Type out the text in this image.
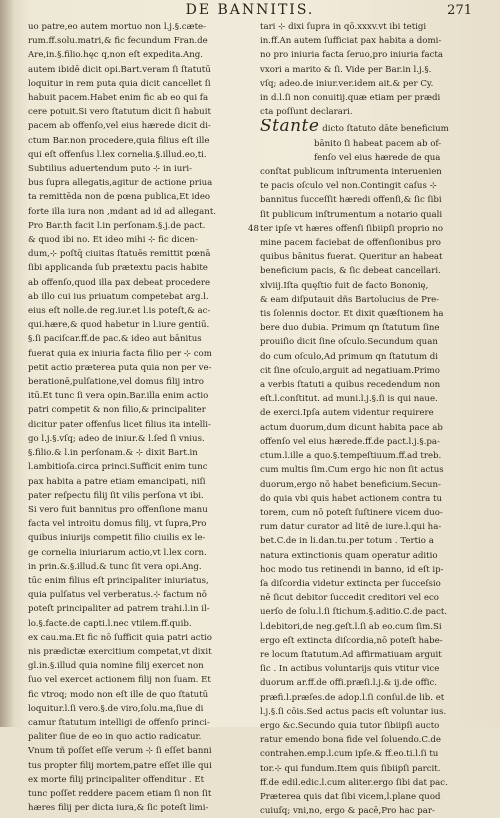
DE BANNITIS.	271
uo patre,eo autem mortuo non l.j.§.cæte-
rum.ff.solu.matri,& fic fecundum Fran.de
Are,in.§.filio.hęc q,non eſt expedita.Ang.
autem ibidē dicit opi.Bart.veram ſi ſtatutū
loquitur in rem puta quia dicit cancellet ſi
habuit pacem.Habet enim fic ab eo qui fa
cere potuit.Si vero ſtatutum dicit ſi habuit
pacem ab offenſo,vel eius hærede dicit di-
ctum Bar.non procedere,quia filius eſt ille
qui eſt offenſus l.lex cornelia.§.illud.eo,ti.
Subtilius aduertendum puto ⊹ in iuri-
bus ſupra allegatis,agitur de actione priua
ta remittēda non de pœna publica,Et ideo
forte illa iura non ,mdant ad id ad allegant.
Pro Bar.th facit l.in perſonam.§.j.de pact.
& quod ibi no. Et ideo mihi ⊹ fic dicen-
dum,⊹ poſtq̄ ciuitas ſtatuēs remittit pœnā
ſibi applicanda ſub prætextu pacis habite
ab offenſo,quod illa pax debeat procedere
ab illo cui ius priuatum competebat arg.l.
eius eſt nolle.de reg.iur.et l.is poteſt,& ac-
qui.hære,& quod habetur in l.iure gentiū.
§.ſi paciſcar.ff.de pac.& ideo aut bānitus
fuerat quia ex iniuria facta filio per ⊹ com
petit actio præterea puta quia non per ve-
berationē,pulſatione,vel domus filij intro
itū.Et tunc ſi vera opin.Bar.illa enim actio
patri competit & non filio,& principaliter
dicitur pater offenſus licet filius ita intelli-
go l.j.§.vſq; adeo de iniur.& l.ſed ſi vnius.
§.filio.& l.in perſonam.& ⊹ dixit Bart.in
l.ambitioſa.circa princi.Sufficit enim tunc
pax habita a patre etiam emancipati, niſi
pater reſpectu filij ſit vilis perſona vt ibi.
Si vero fuit bannitus pro offenſione manu
facta vel introitu domus filij, vt ſupra,Pro
quibus iniurijs competit filio ciuilis ex le-
ge cornelia iniuriarum actio,vt l.lex corn.
in prin.&.§.illud.& tunc ſit vera opi.Ang.
tūc enim filius eſt principaliter iniuriatus,
quia pulſatus vel verberatus.⊹ factum nō
poteſt principaliter ad patrem trahi.l.in il-
lo.§.facte.de capti.l.nec vtilem.ff.quib.
ex cau.ma.Et fic nō ſufficit quia patri actio
nis prædictæ exercitium competat,vt dixit
gl.in.§.illud quia nomine filij exercet non
ſuo vel exercet actionem filij non ſuam. Et
fic vtroq; modo non eſt ille de quo ſtatutū
loquitur.l.ſi vero.§.de viro,ſolu.ma,ſiue di
camur ſtatutum intelligi de offenſo princi-
paliter ſiue de eo in quo actio radicatur.
Vnum tñ poſſet eſſe verum ⊹ ſi eſſet banni
tus propter filij mortem,patre eſſet ille qui
ex morte filij principaliter offenditur . Et
tunc poſſet reddere pacem etiam ſi non ſit
hæres filij per dicta iura,& ſic poteſt limi-
48
tari ⊹ dixi ſupra in qō.xxxv.vt ibi tetigi
in.ff.An autem ſufficiat pax habita a domi-
no pro iniuria facta ſeruo,pro iniuria facta
vxori a marito & ſi. Vide per Bar.in l.j.§.
vſq; adeo.de iniur.ver.idem ait.& per Cy.
in d.l.ſi non conuitij.quæ etiam per prædi
cta poſſunt declarari.
Stante dicto ſtatuto dāte beneficium
bānito ſi habeat pacem ab of-
fenſo vel eius hærede de qua
conſtat publicum inſtrumenta interuenien
te pacis oſculo vel non.Contingit caſus ⊹
bannitus ſucceſſit hæredi offenſi,& ſic ſibi
ſit publicum inſtrumentum a notario quali
ter ipſe vt hæres offenſi ſibiipſi proprio no
mine pacem faciebat de offenſionibus pro
quibus bānitus fuerat. Queritur an habeat
beneficium pacis, & ſic debeat cancellari.
xlviij.Iſta quęſtio fuit de facto Bononię,
& eam diſputauit dñs Bartolucius de Pre-
tis ſolennis doctor. Et dixit quæſtionem ha
bere duo dubia. Primum qn ſtatutum ſine
prouiſio dicit ſine oſculo.Secundum quan
do cum oſculo,Ad primum qn ſtatutum di
cit ſine oſculo,arguit ad negatiuam.Primo
a verbis ſtatuti a quibus recedendum non
eſt.l.conſtitut. ad muni.l.j.§.ſi is qui naue.
de exerci.Ipſa autem videntur requirere
actum duorum,dum dicunt habita pace ab
offenſo vel eius hærede.ff.de pact.l.j.§.pa-
ctum.l.ille a quo.§.tempeſtiuum.ff.ad treb.
cum multis ſim.Cum ergo hic non ſit actus
duorum,ergo nō habet beneficium.Secun-
do quia vbi quis habet actionem contra tu
torem, cum nō poteſt ſuſtinere vicem duo-
rum datur curator ad litē de iure.l.qui ha-
bet.C.de in li.dan.tu.per totum . Tertio a
natura extinctionis quam operatur aditio
hoc modo tus retinendi in banno, id eſt ip-
ſa diſcordia videtur extincta per ſucceſsio
nē ſicut debitor ſuccedit creditori vel eco
uerſo de ſolu.l.ſi ſtichum.§.aditio.C.de pact.
l.debitori,de neg.geſt.l.ſi ab eo.cum ſim.Si
ergo eſt extincta diſcordia,nō poteſt habe-
re locum ſtatutum.Ad affirmatiuam arguit
ſic . In actibus voluntarijs quis vtitur vice
duorum ar.ff.de offi.præſi.l.j.& ij.de offic.
præfi.l.præſes.de adop.l.ſi conſul.de lib. et
l.j.§.ſi cōis.Sed actus pacis eſt voluntar ius.
ergo &c.Secundo quia tutor ſibiipſi aucto
ratur emendo bona fide vel ſoluendo.C.de
contrahen.emp.l.cum ipſe.& ff.eo.ti.l.ſi tu
tor.⊹ qui fundum.Item quis ſibiipſi parcit.
ff.de edil.edic.l.cum aliter.ergo ſibi dat pac.
Præterea quis dat ſibi vicem,l.plane quod
cuiuſq; vni,no, ergo & pacē,Pro hac par-
